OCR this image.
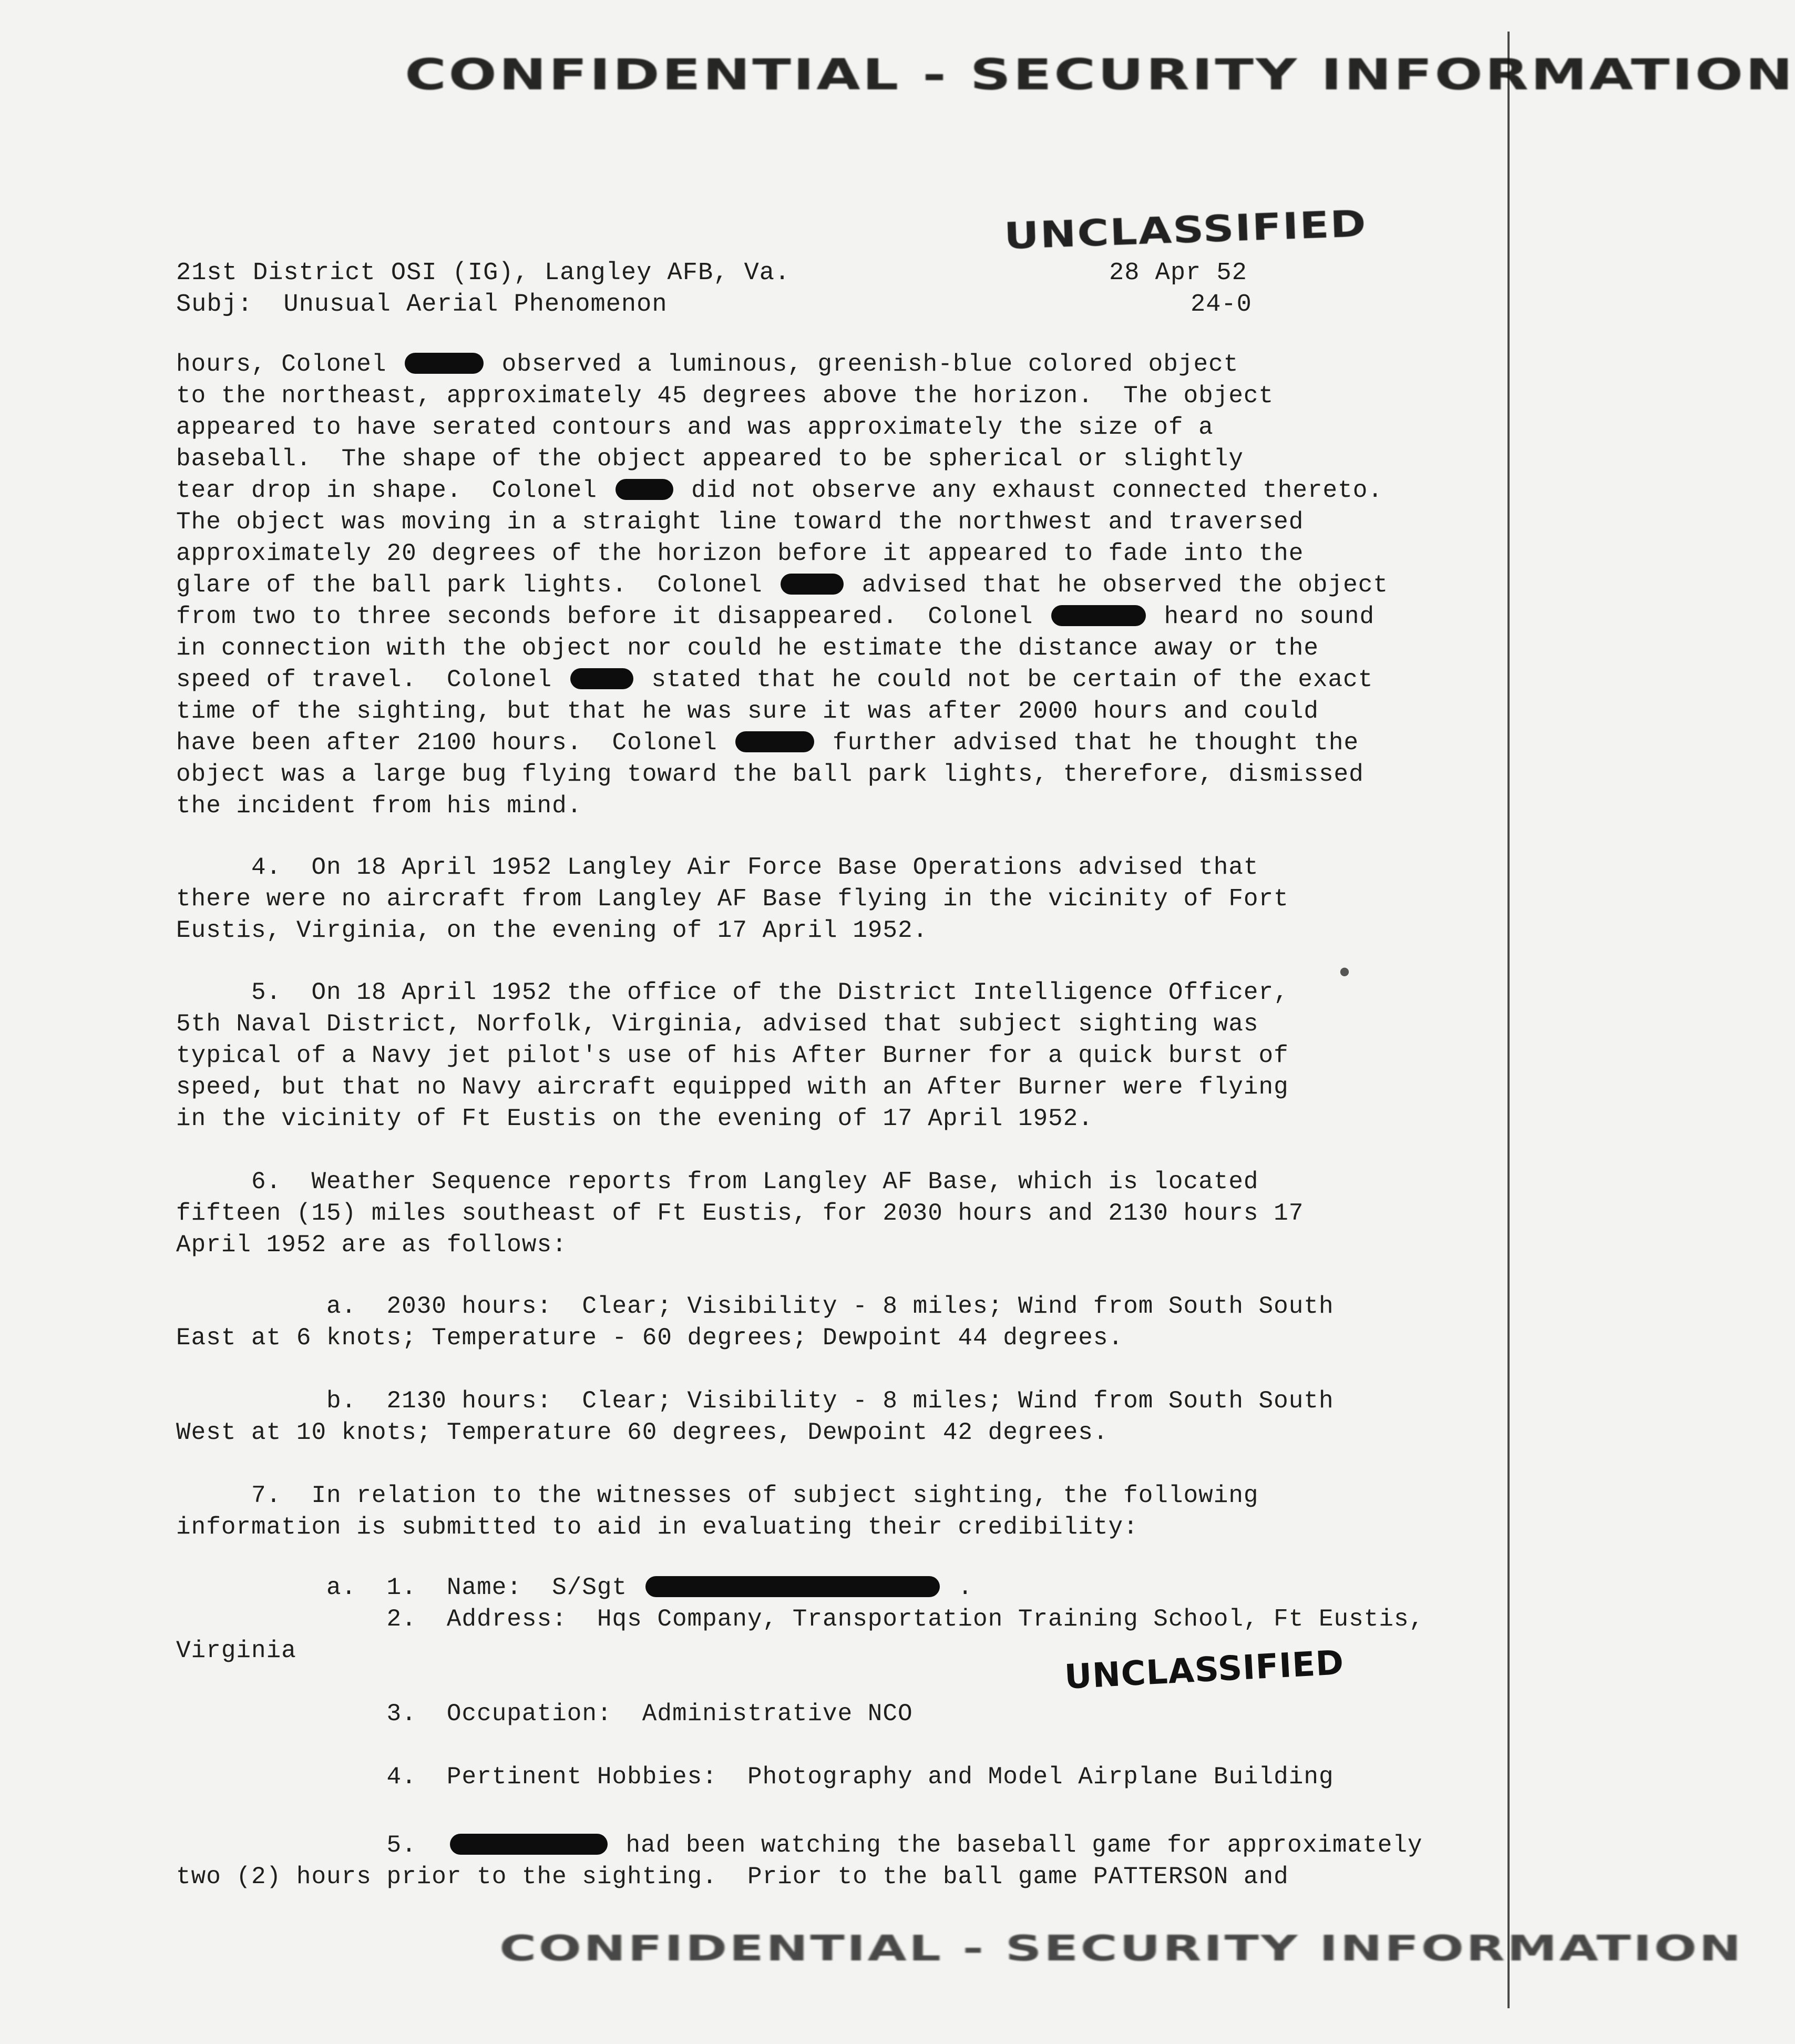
CONFIDENTIAL - SECURITY INFORMATION
UNCLASSIFIED
21st District OSI (IG), Langley AFB, Va.
Subj:  Unusual Aerial Phenomenon
28 Apr 52
24-0
hours, Colonel	observed a luminous, greenish-blue colored object
to the northeast, approximately 45 degrees above the horizon.  The object
appeared to have serated contours and was approximately the size of a
baseball.  The shape of the object appeared to be spherical or slightly
tear drop in shape.  Colonel	did not observe any exhaust connected thereto.
The object was moving in a straight line toward the northwest and traversed
approximately 20 degrees of the horizon before it appeared to fade into the
glare of the ball park lights.  Colonel	advised that he observed the object
from two to three seconds before it disappeared.  Colonel	heard no sound
in connection with the object nor could he estimate the distance away or the
speed of travel.  Colonel	stated that he could not be certain of the exact
time of the sighting, but that he was sure it was after 2000 hours and could
have been after 2100 hours.  Colonel	further advised that he thought the
object was a large bug flying toward the ball park lights, therefore, dismissed
the incident from his mind.
4.  On 18 April 1952 Langley Air Force Base Operations advised that
there were no aircraft from Langley AF Base flying in the vicinity of Fort
Eustis, Virginia, on the evening of 17 April 1952.
5.  On 18 April 1952 the office of the District Intelligence Officer,
5th Naval District, Norfolk, Virginia, advised that subject sighting was
typical of a Navy jet pilot's use of his After Burner for a quick burst of
speed, but that no Navy aircraft equipped with an After Burner were flying
in the vicinity of Ft Eustis on the evening of 17 April 1952.
•
6.  Weather Sequence reports from Langley AF Base, which is located
fifteen (15) miles southeast of Ft Eustis, for 2030 hours and 2130 hours 17
April 1952 are as follows:
a.  2030 hours:  Clear; Visibility - 8 miles; Wind from South South
East at 6 knots; Temperature - 60 degrees; Dewpoint 44 degrees.
b.  2130 hours:  Clear; Visibility - 8 miles; Wind from South South
West at 10 knots; Temperature 60 degrees, Dewpoint 42 degrees.
7.  In relation to the witnesses of subject sighting, the following
information is submitted to aid in evaluating their credibility:
a.  1.  Name:  S/Sgt	.
2.  Address:  Hqs Company, Transportation Training School, Ft Eustis,
Virginia	UNCLASSIFIED
3.  Occupation:  Administrative NCO
4.  Pertinent Hobbies:  Photography and Model Airplane Building
5.	had been watching the baseball game for approximately
two (2) hours prior to the sighting.  Prior to the ball game PATTERSON and
CONFIDENTIAL - SECURITY INFORMATION
